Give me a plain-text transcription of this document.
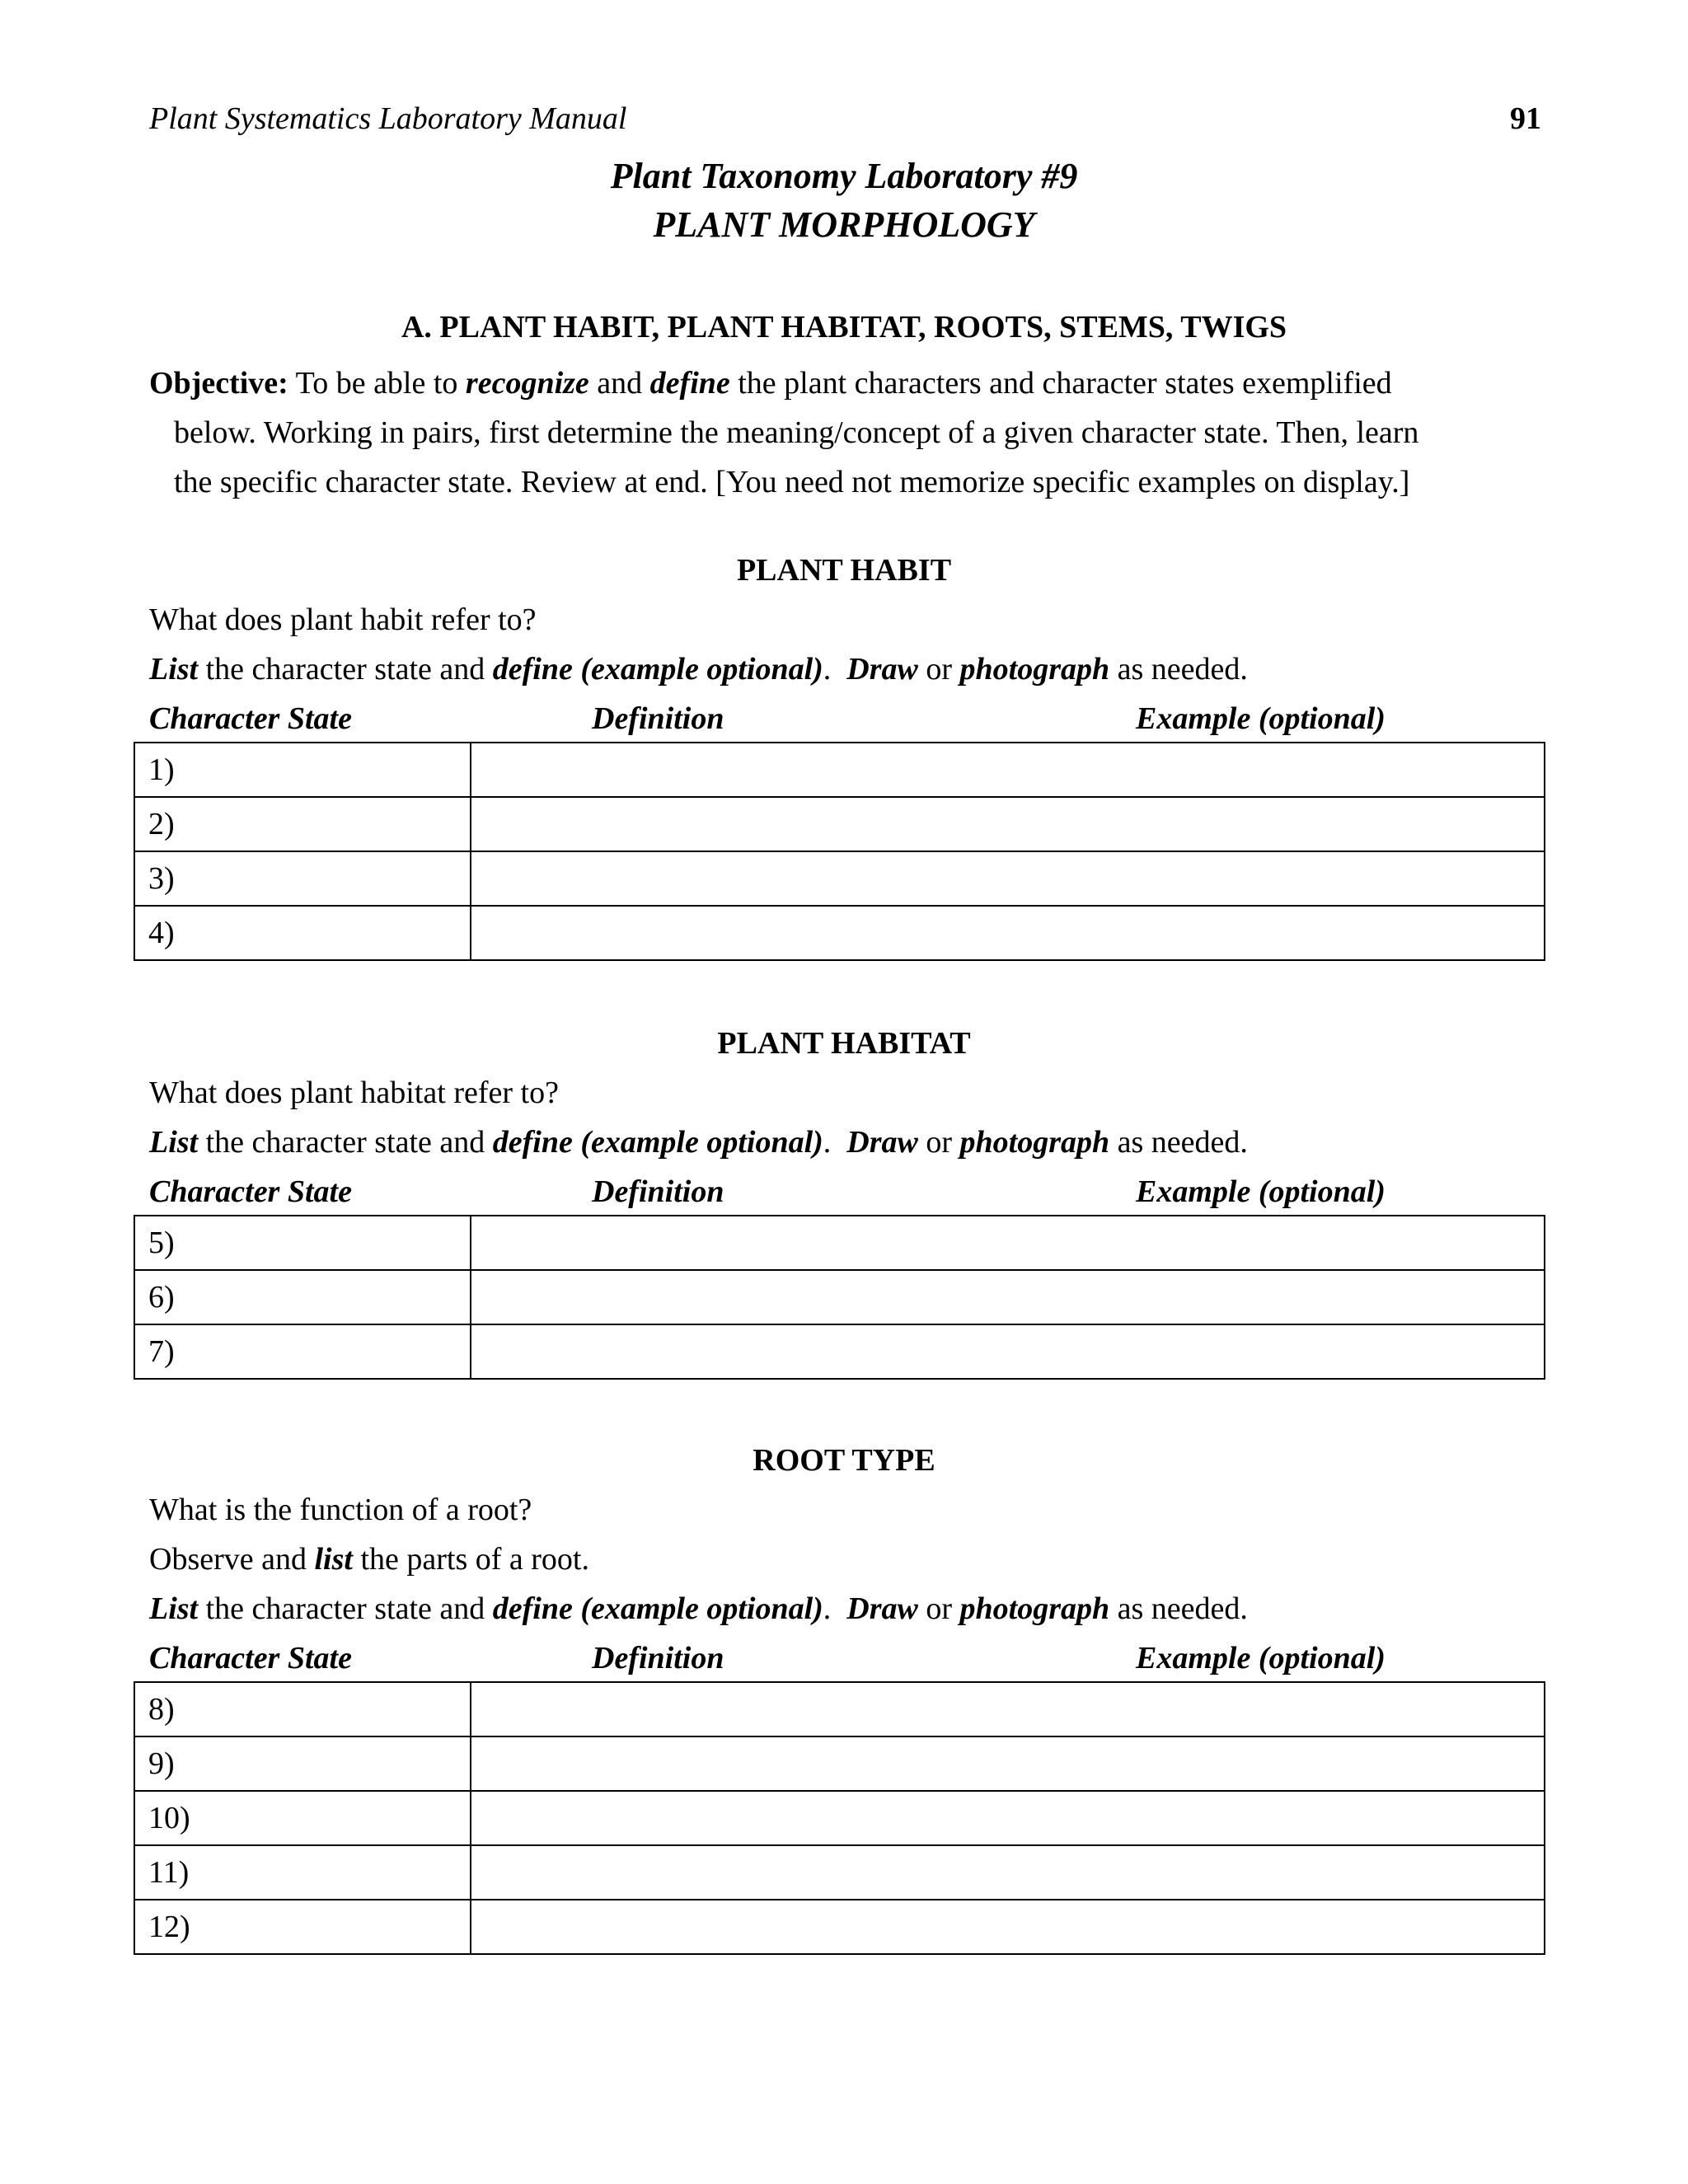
Plant Systematics Laboratory Manual	91
Plant Taxonomy Laboratory #9
PLANT MORPHOLOGY
A. PLANT HABIT, PLANT HABITAT, ROOTS, STEMS, TWIGS
Objective: To be able to recognize and define the plant characters and character states exemplified
below. Working in pairs, first determine the meaning/concept of a given character state. Then, learn
the specific character state. Review at end. [You need not memorize specific examples on display.]
PLANT HABIT
What does plant habit refer to?
List the character state and define (example optional). Draw or photograph as needed.
Character State	Definition	Example (optional)
1)	
2)	
3)	
4)	
PLANT HABITAT
What does plant habitat refer to?
List the character state and define (example optional). Draw or photograph as needed.
Character State	Definition	Example (optional)
5)	
6)	
7)	
ROOT TYPE
What is the function of a root?
Observe and list the parts of a root.
List the character state and define (example optional). Draw or photograph as needed.
Character State	Definition	Example (optional)
8)	
9)	
10)	
11)	
12)	
